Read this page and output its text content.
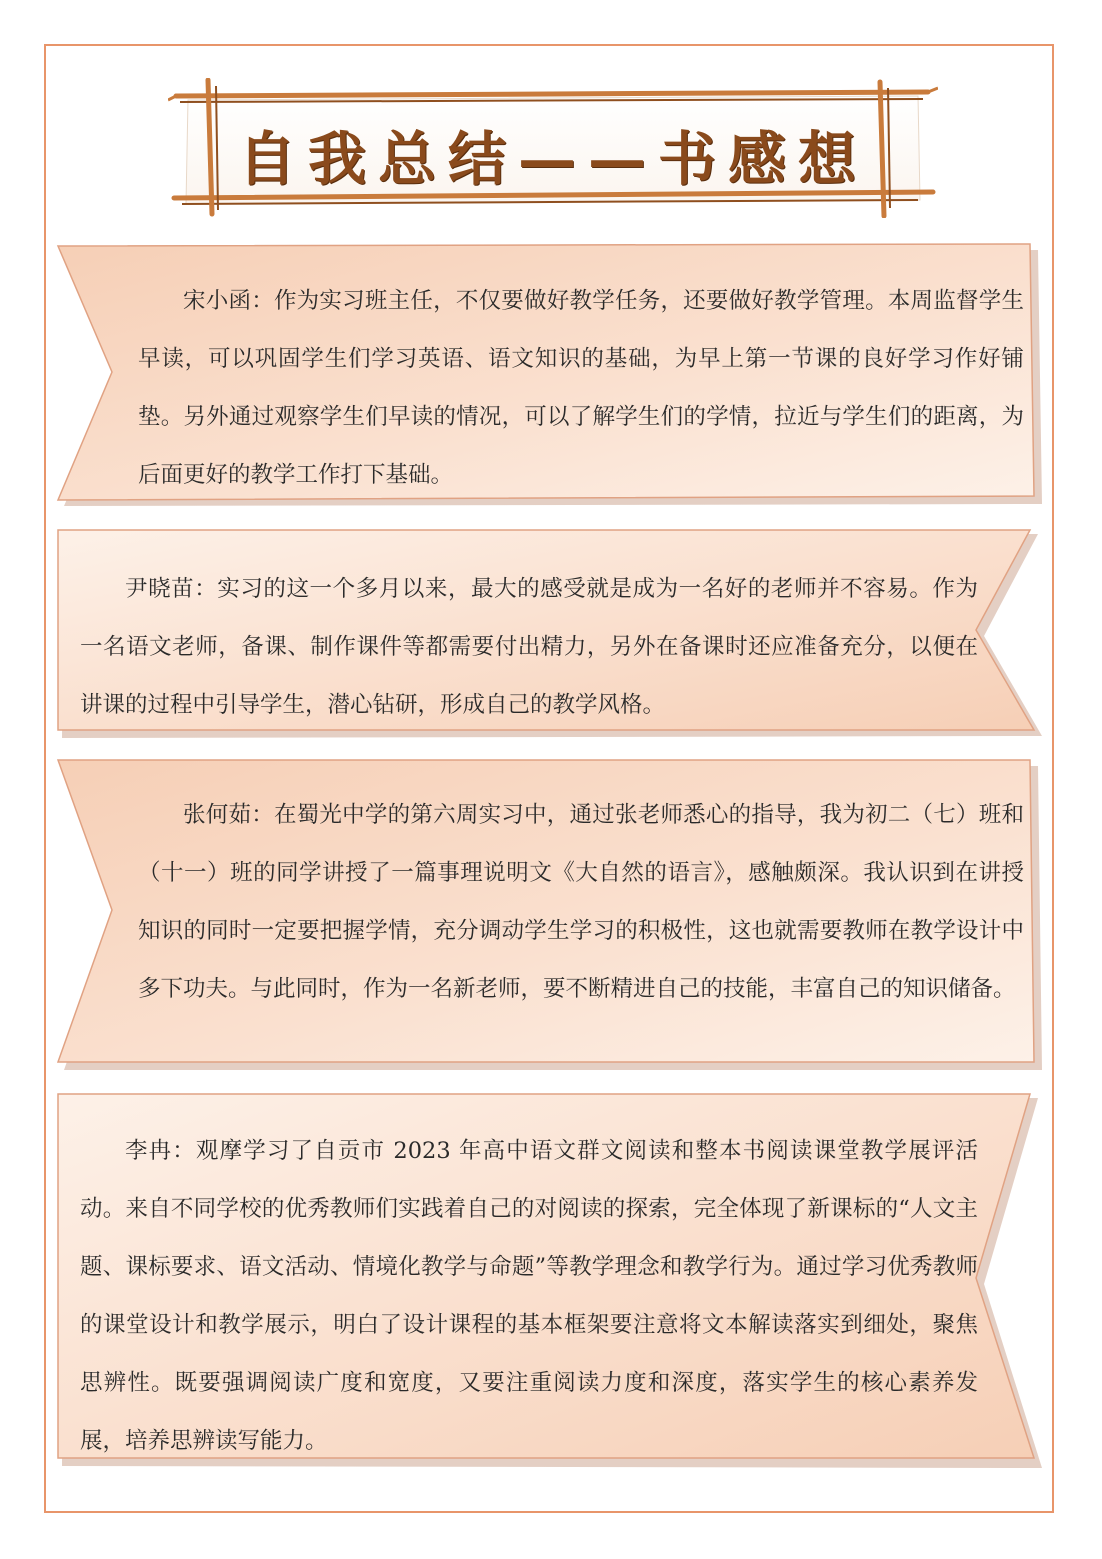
自我总结——书感想

宋小函：作为实习班主任，不仅要做好教学任务，还要做好教学管理。本周监督学生早读，可以巩固学生们学习英语、语文知识的基础，为早上第一节课的良好学习作好铺垫。另外通过观察学生们早读的情况，可以了解学生们的学情，拉近与学生们的距离，为后面更好的教学工作打下基础。

尹晓苗：实习的这一个多月以来，最大的感受就是成为一名好的老师并不容易。作为一名语文老师，备课、制作课件等都需要付出精力，另外在备课时还应准备充分，以便在讲课的过程中引导学生，潜心钻研，形成自己的教学风格。

张何茹：在蜀光中学的第六周实习中，通过张老师悉心的指导，我为初二（七）班和（十一）班的同学讲授了一篇事理说明文《大自然的语言》，感触颇深。我认识到在讲授知识的同时一定要把握学情，充分调动学生学习的积极性，这也就需要教师在教学设计中多下功夫。与此同时，作为一名新老师，要不断精进自己的技能，丰富自己的知识储备。

李冉：观摩学习了自贡市 2023 年高中语文群文阅读和整本书阅读课堂教学展评活动。来自不同学校的优秀教师们实践着自己的对阅读的探索，完全体现了新课标的“人文主题、课标要求、语文活动、情境化教学与命题”等教学理念和教学行为。通过学习优秀教师的课堂设计和教学展示，明白了设计课程的基本框架要注意将文本解读落实到细处，聚焦思辨性。既要强调阅读广度和宽度，又要注重阅读力度和深度，落实学生的核心素养发展，培养思辨读写能力。
